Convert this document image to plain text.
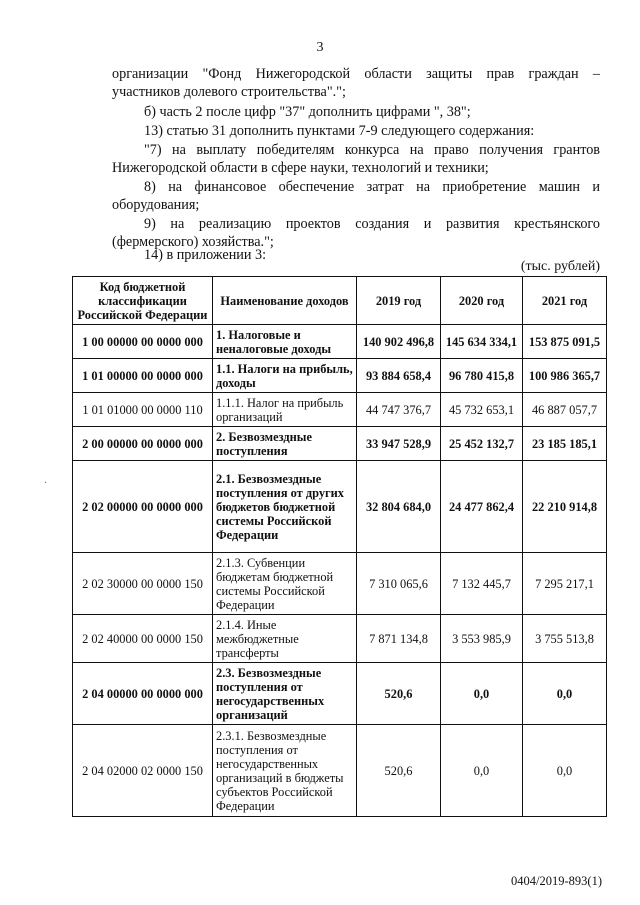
3

организации "Фонд Нижегородской области защиты прав граждан –

участников долевого строительства".";

б) часть 2 после цифр "37" дополнить цифрами ", 38";

13) статью 31 дополнить пунктами 7-9 следующего содержания:

"7) на выплату победителям конкурса на право получения грантов

Нижегородской области в сфере науки, технологий и техники;

8) на финансовое обеспечение затрат на приобретение машин и

оборудования;

9) на реализацию проектов создания и развития крестьянского

(фермерского) хозяйства.";

14) в приложении 3:

(тыс. рублей)
·
Код бюджетной классификации Российской Федерации	Наименование доходов	2019 год	2020 год	2021 год
1 00 00000 00 0000 000	1. Налоговые и неналоговые доходы	140 902 496,8	145 634 334,1	153 875 091,5
1 01 00000 00 0000 000	1.1. Налоги на прибыль, доходы	93 884 658,4	96 780 415,8	100 986 365,7
1 01 01000 00 0000 110	1.1.1. Налог на прибыль организаций	44 747 376,7	45 732 653,1	46 887 057,7
2 00 00000 00 0000 000	2. Безвозмездные поступления	33 947 528,9	25 452 132,7	23 185 185,1
2 02 00000 00 0000 000	2.1. Безвозмездные поступления от других бюджетов бюджетной системы Российской Федерации	32 804 684,0	24 477 862,4	22 210 914,8
2 02 30000 00 0000 150	2.1.3. Субвенции бюджетам бюджетной системы Российской Федерации	7 310 065,6	7 132 445,7	7 295 217,1
2 02 40000 00 0000 150	2.1.4. Иные межбюджетные трансферты	7 871 134,8	3 553 985,9	3 755 513,8
2 04 00000 00 0000 000	2.3. Безвозмездные поступления от негосударственных организаций	520,6	0,0	0,0
2 04 02000 02 0000 150	2.3.1. Безвозмездные поступления от негосударственных организаций в бюджеты субъектов Российской Федерации	520,6	0,0	0,0
0404/2019-893(1)
